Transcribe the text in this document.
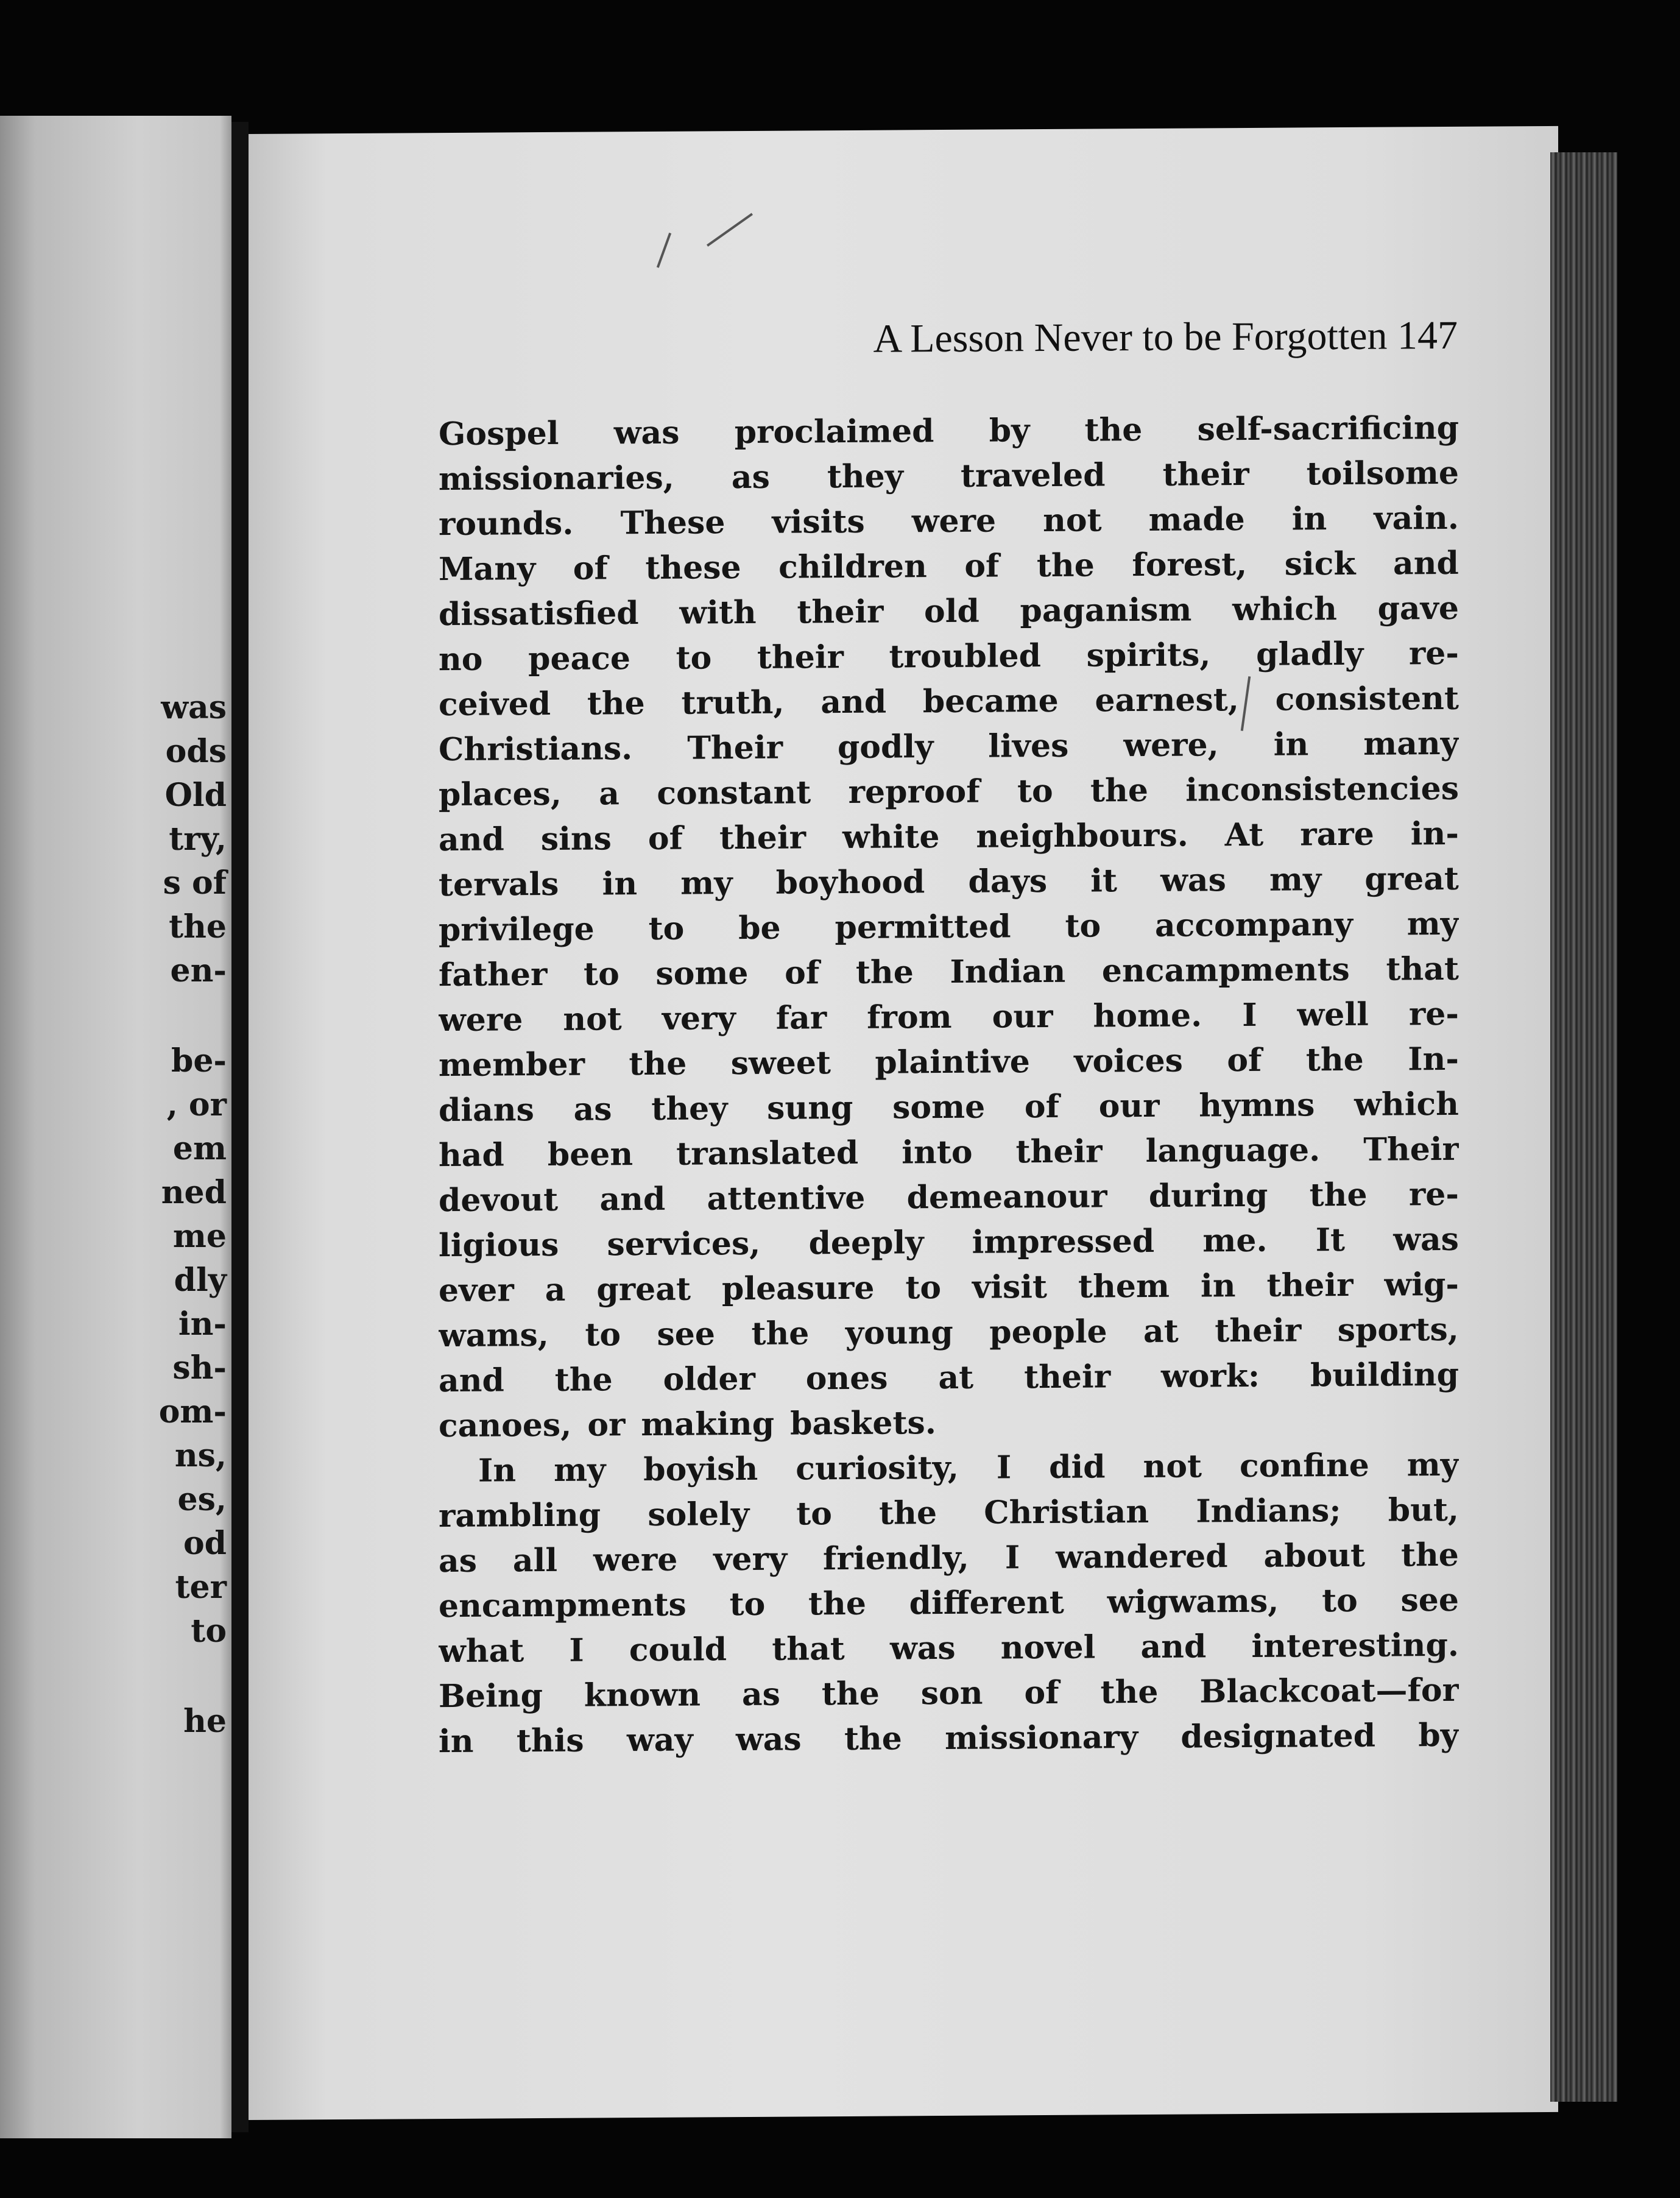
was

ods

Old

try,

s of

the

en-

be-

, or

em

ned

me

dly

in-

sh-

om-

ns,

es,

od

ter

to

he

A Lesson Never to be Forgotten 147

Gospel was proclaimed by the self-sacrificing
missionaries, as they traveled their toilsome
rounds. These visits were not made in vain.
Many of these children of the forest, sick and
dissatisfied with their old paganism which gave
no peace to their troubled spirits, gladly re-
ceived the truth, and became earnest, consistent
Christians. Their godly lives were, in many
places, a constant reproof to the inconsistencies
and sins of their white neighbours. At rare in-
tervals in my boyhood days it was my great
privilege to be permitted to accompany my
father to some of the Indian encampments that
were not very far from our home. I well re-
member the sweet plaintive voices of the In-
dians as they sung some of our hymns which
had been translated into their language. Their
devout and attentive demeanour during the re-
ligious services, deeply impressed me. It was
ever a great pleasure to visit them in their wig-
wams, to see the young people at their sports,
and the older ones at their work: building
canoes, or making baskets.
In my boyish curiosity, I did not confine my
rambling solely to the Christian Indians; but,
as all were very friendly, I wandered about the
encampments to the different wigwams, to see
what I could that was novel and interesting.
Being known as the son of the Blackcoat—for
in this way was the missionary designated by
